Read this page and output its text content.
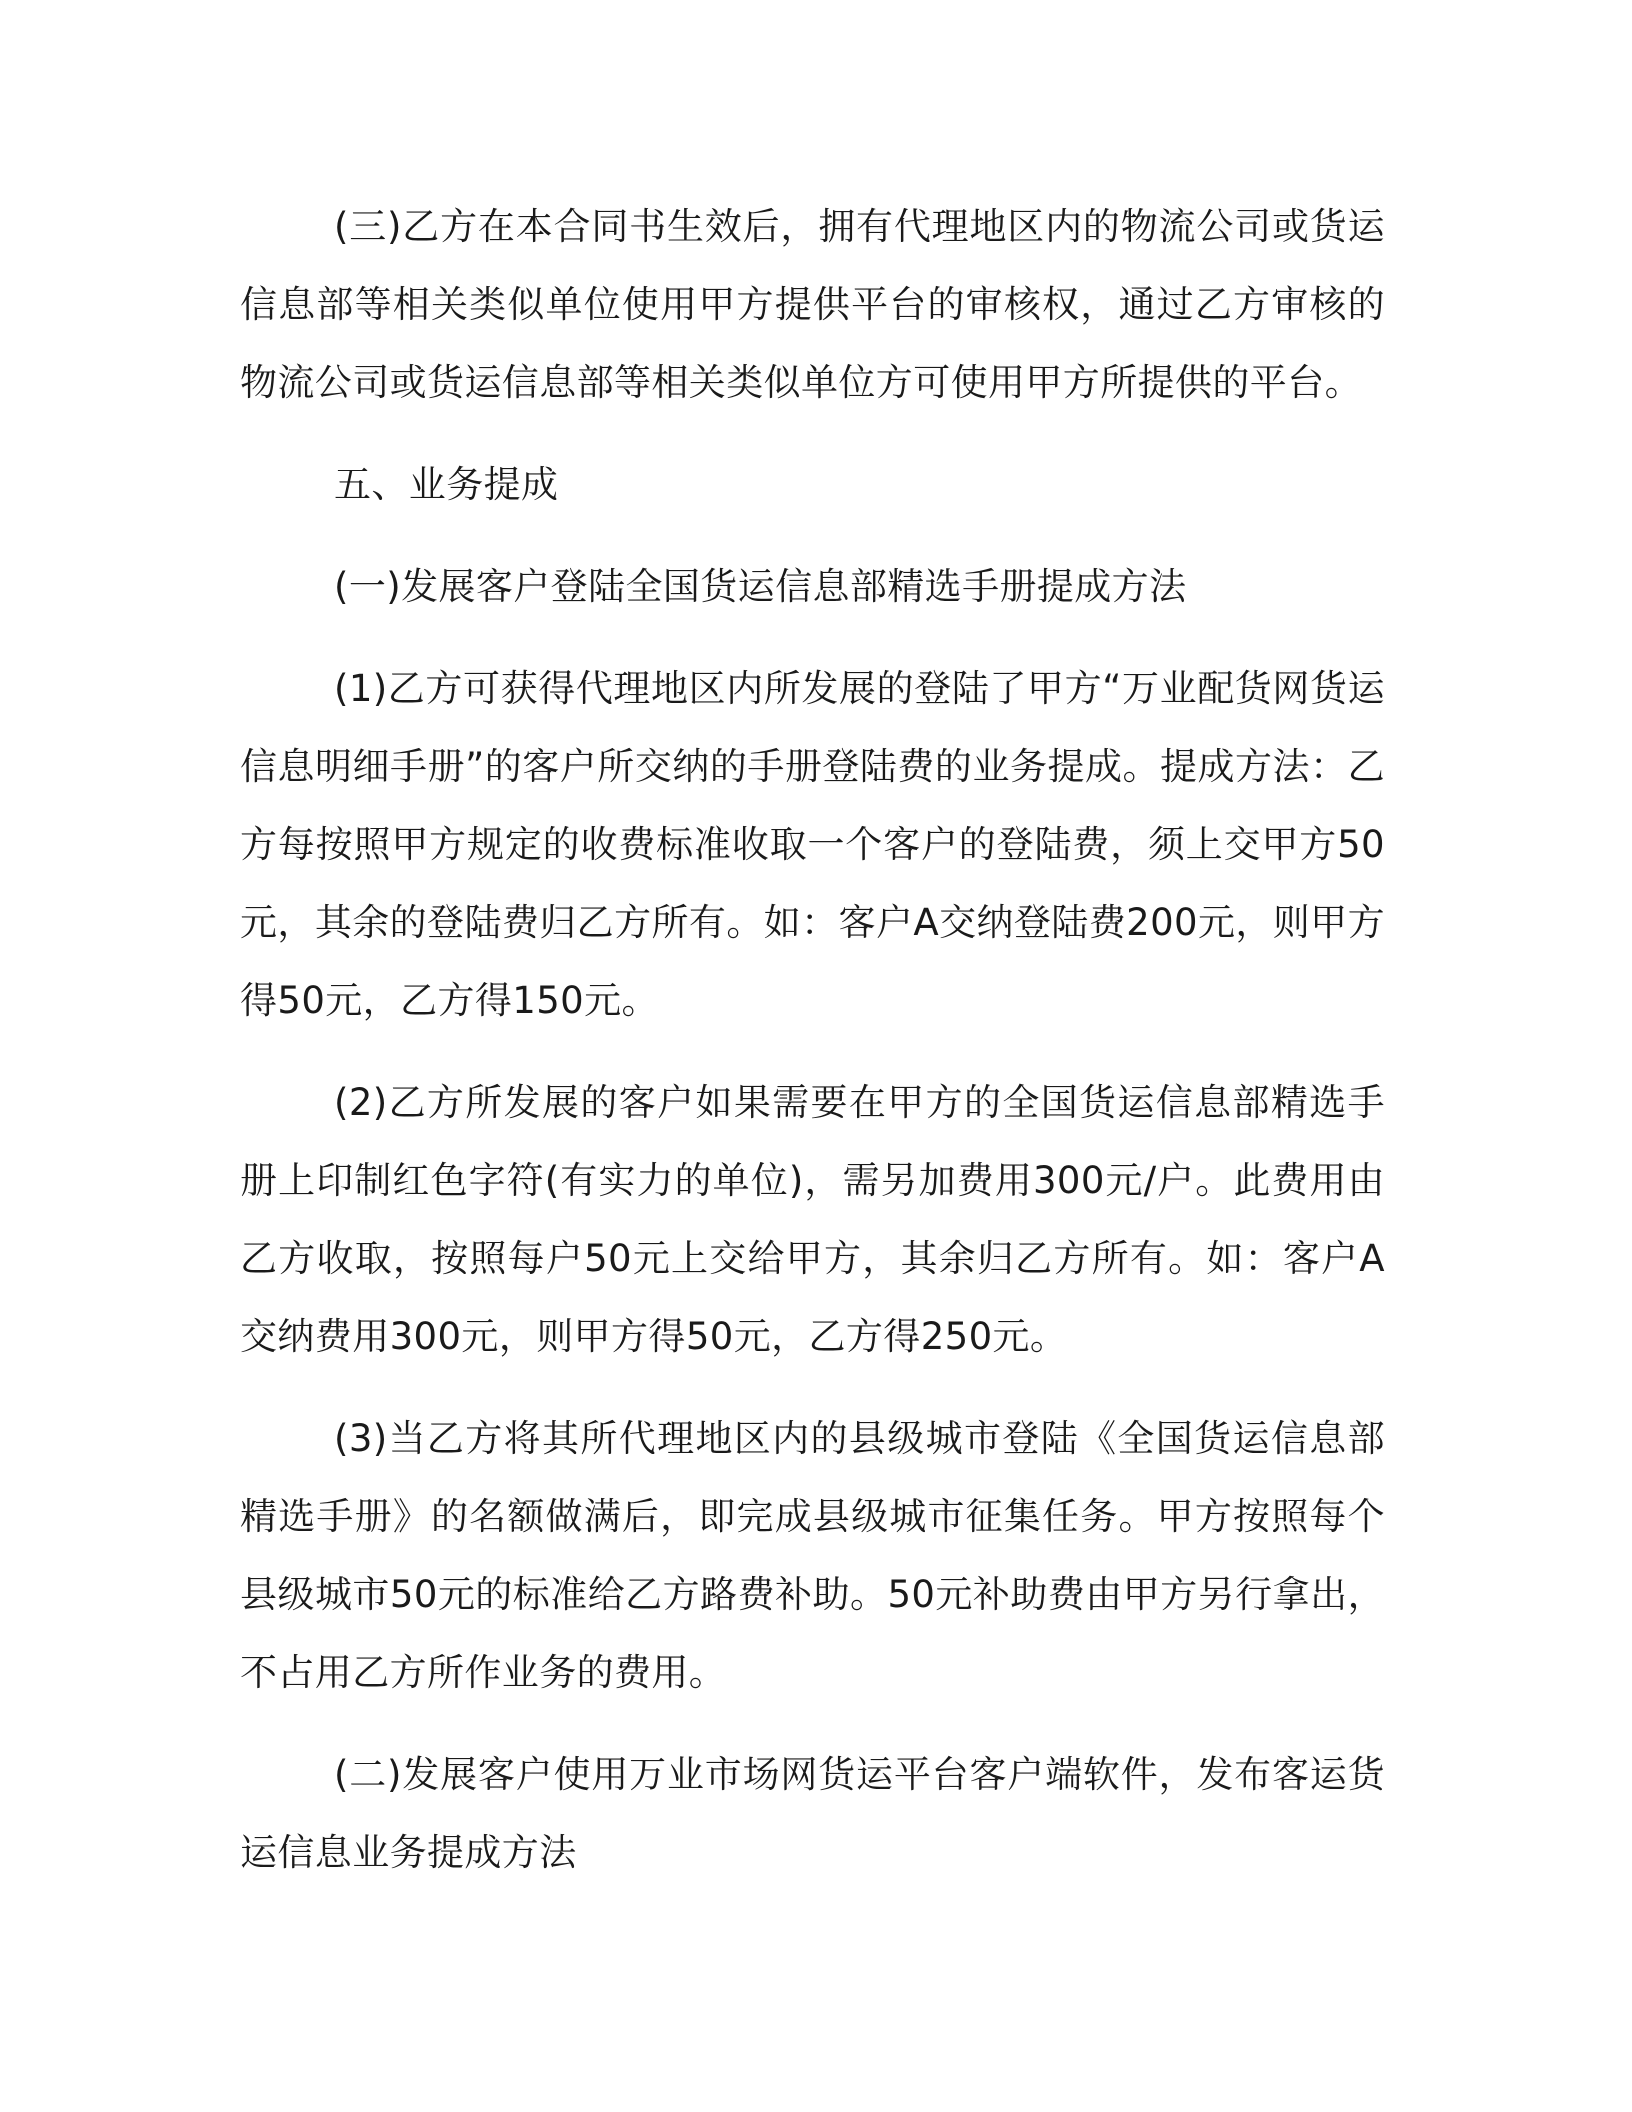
(三)乙方在本合同书生效后，拥有代理地区内的物流公司或货运信息部等相关类似单位使用甲方提供平台的审核权，通过乙方审核的物流公司或货运信息部等相关类似单位方可使用甲方所提供的平台。

五、业务提成

(一)发展客户登陆全国货运信息部精选手册提成方法

(1)乙方可获得代理地区内所发展的登陆了甲方“万业配货网货运信息明细手册”的客户所交纳的手册登陆费的业务提成。提成方法：乙方每按照甲方规定的收费标准收取一个客户的登陆费，须上交甲方50元，其余的登陆费归乙方所有。如：客户A交纳登陆费200元，则甲方得50元，乙方得150元。

(2)乙方所发展的客户如果需要在甲方的全国货运信息部精选手册上印制红色字符(有实力的单位)，需另加费用300元/户。此费用由乙方收取，按照每户50元上交给甲方，其余归乙方所有。如：客户A交纳费用300元，则甲方得50元，乙方得250元。

(3)当乙方将其所代理地区内的县级城市登陆《全国货运信息部精选手册》的名额做满后，即完成县级城市征集任务。甲方按照每个县级城市50元的标准给乙方路费补助。50元补助费由甲方另行拿出，不占用乙方所作业务的费用。

(二)发展客户使用万业市场网货运平台客户端软件，发布客运货运信息业务提成方法
